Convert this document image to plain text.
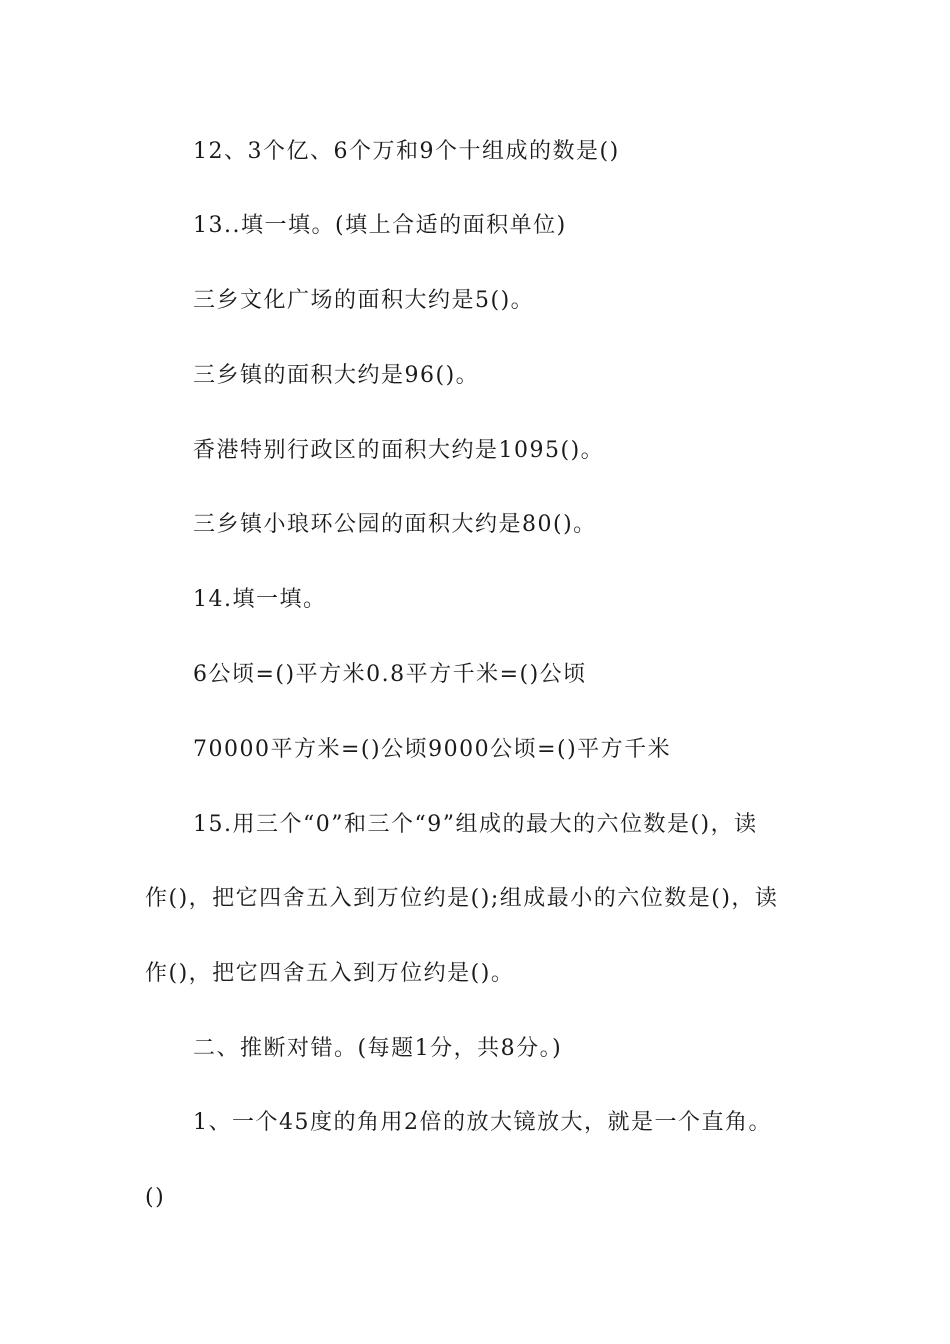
12、3个亿、6个万和9个十组成的数是()
13..填一填。(填上合适的面积单位)
三乡文化广场的面积大约是5()。
三乡镇的面积大约是96()。
香港特别行政区的面积大约是1095()。
三乡镇小琅环公园的面积大约是80()。
14.填一填。
6公顷=()平方米0.8平方千米=()公顷
70000平方米=()公顷9000公顷=()平方千米
15.用三个“0”和三个“9”组成的最大的六位数是()，读
作()，把它四舍五入到万位约是();组成最小的六位数是()，读
作()，把它四舍五入到万位约是()。
二、推断对错。(每题1分，共8分。)
1、一个45度的角用2倍的放大镜放大，就是一个直角。
()
